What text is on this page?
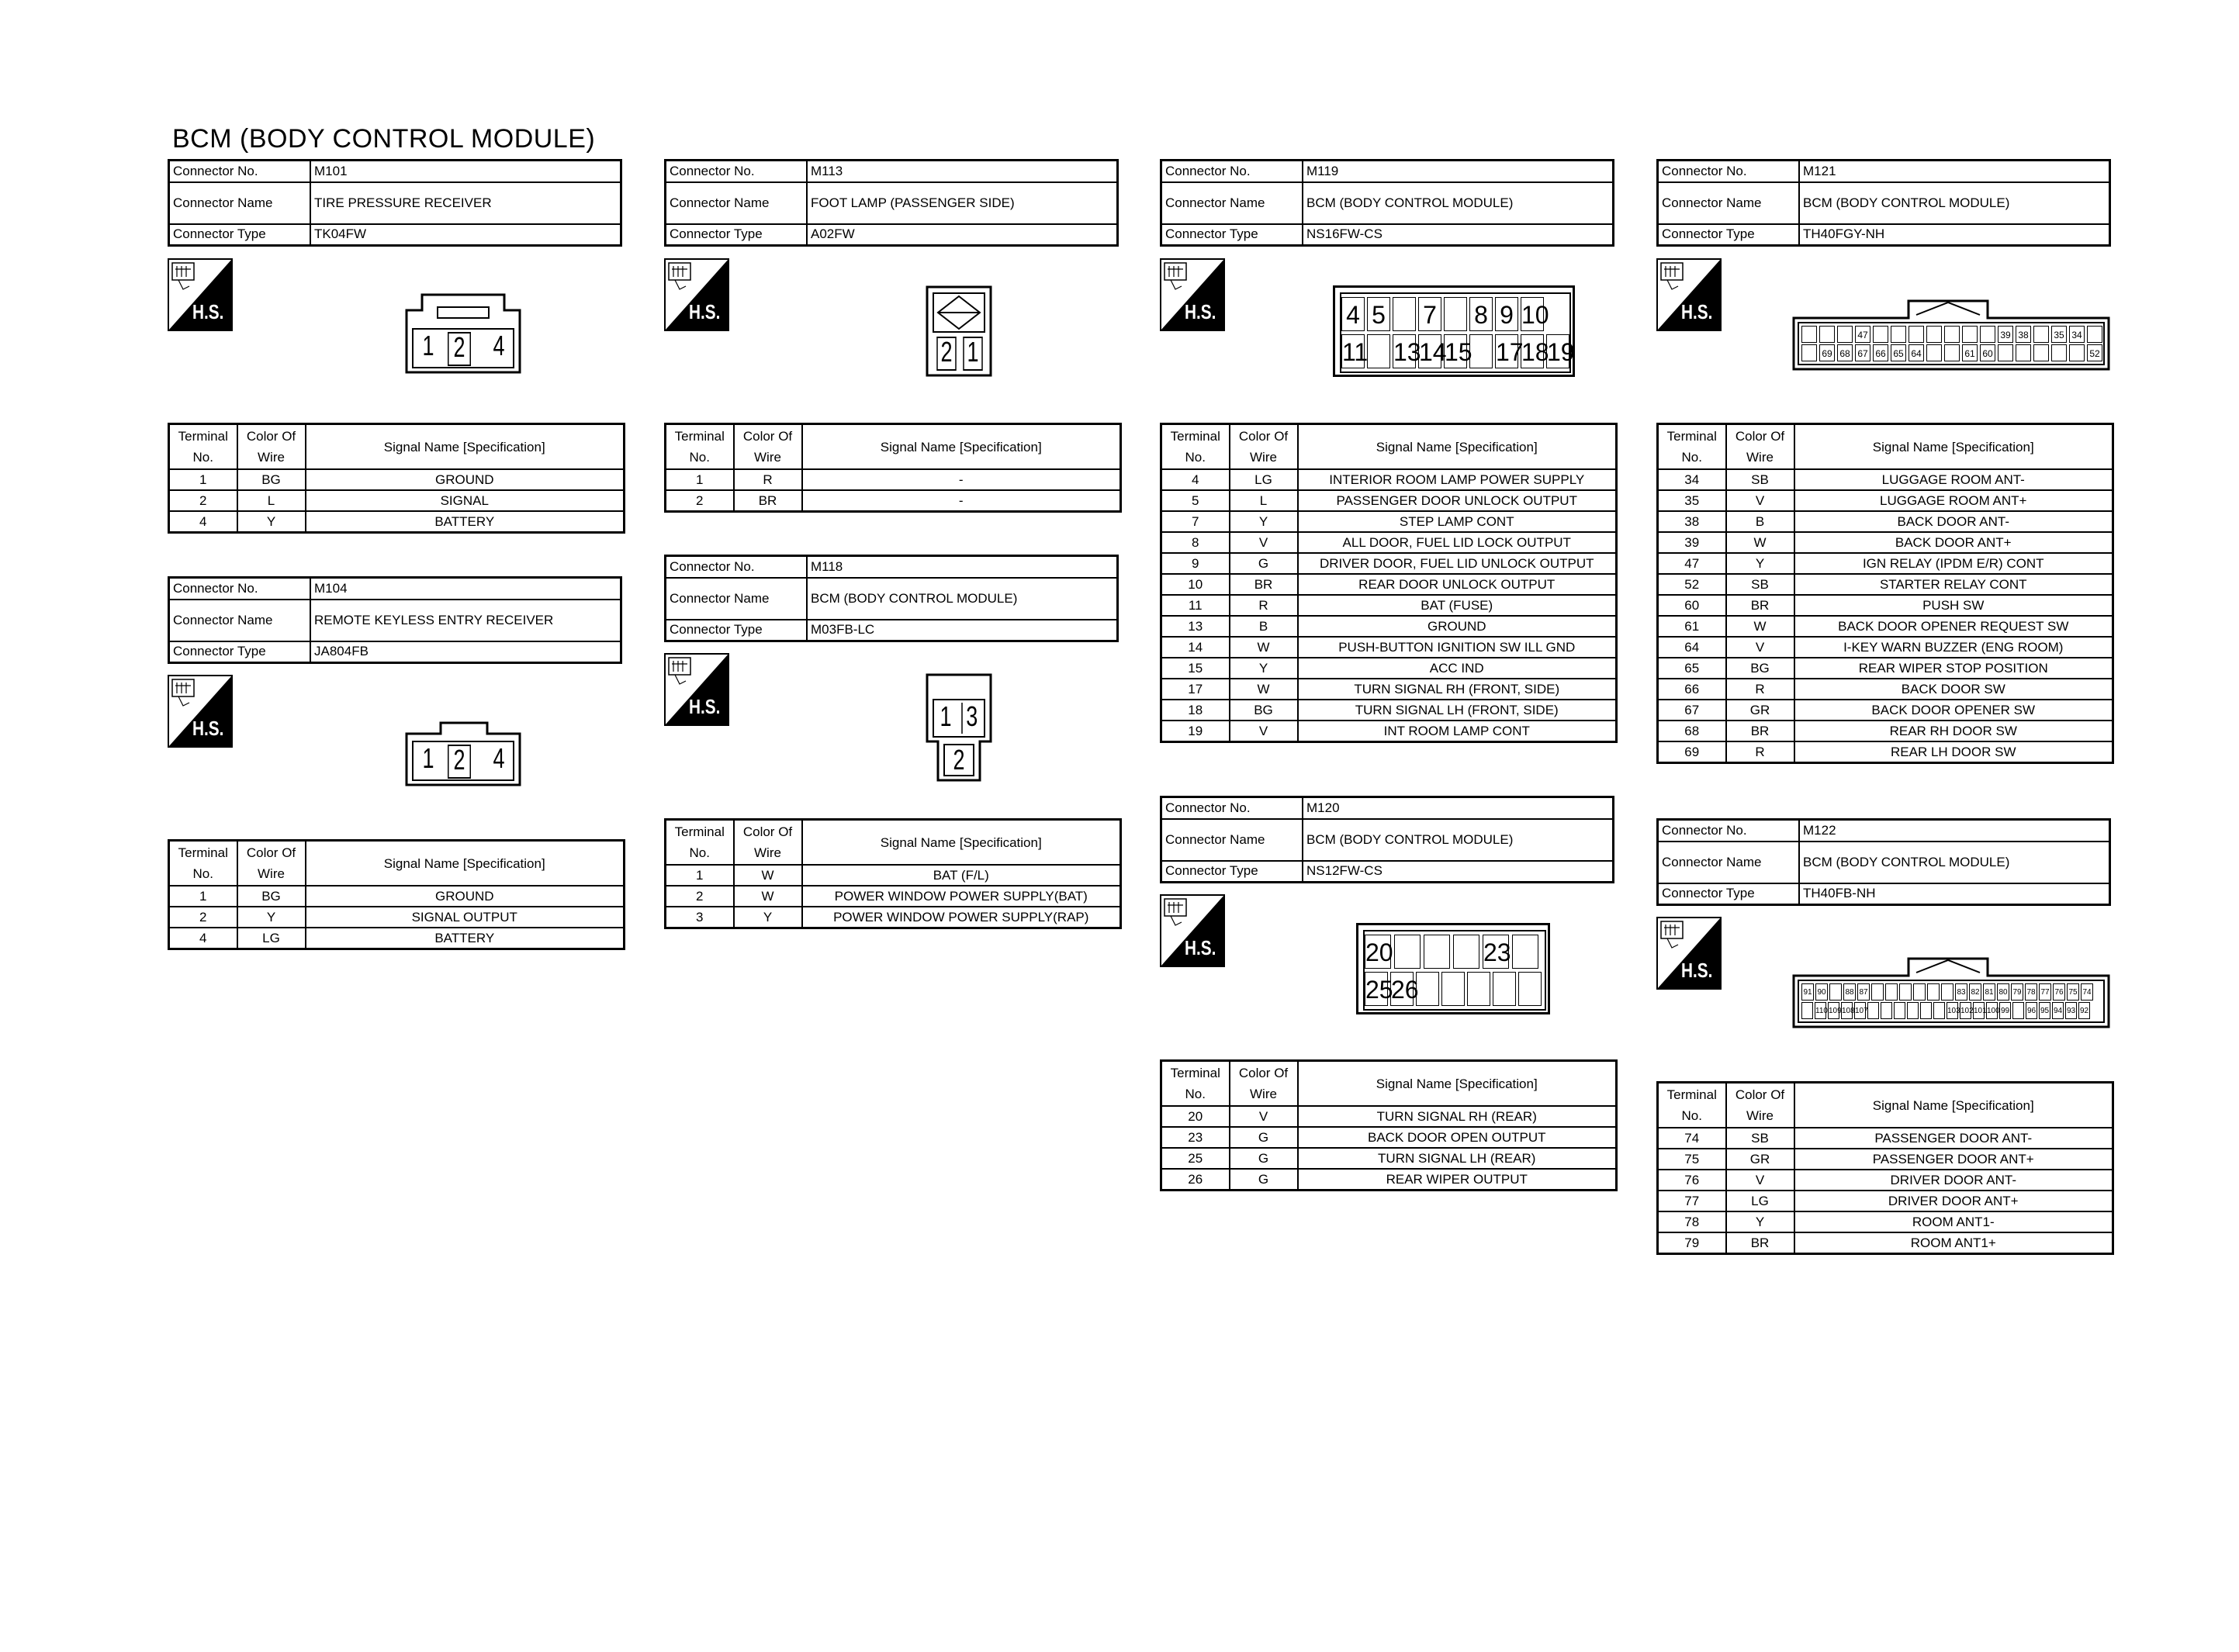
BCM (BODY CONTROL MODULE)
Connector No.	M101
Connector Name	TIRE PRESSURE RECEIVER
Connector Type	TK04FW
H.S.
1 2 4
Terminal No.	Color Of Wire	Signal Name [Specification]
1	BG	GROUND
2	L	SIGNAL
4	Y	BATTERY
Connector No.	M104
Connector Name	REMOTE KEYLESS ENTRY RECEIVER
Connector Type	JA804FB
H.S.
1 2 4
Terminal No.	Color Of Wire	Signal Name [Specification]
1	BG	GROUND
2	Y	SIGNAL OUTPUT
4	LG	BATTERY
Connector No.	M113
Connector Name	FOOT LAMP (PASSENGER SIDE)
Connector Type	A02FW
H.S.
2 1
Terminal No.	Color Of Wire	Signal Name [Specification]
1	R	-
2	BR	-
Connector No.	M118
Connector Name	BCM (BODY CONTROL MODULE)
Connector Type	M03FB-LC
H.S.	1 3
2
Terminal No.	Color Of Wire	Signal Name [Specification]
1	W	BAT (F/L)
2	W	POWER WINDOW POWER SUPPLY(BAT)
3	Y	POWER WINDOW POWER SUPPLY(RAP)
Connector No.	M119
Connector Name	BCM (BODY CONTROL MODULE)
Connector Type	NS16FW-CS
H.S.	4 5 7 8 9 10
11 13
14
15 17
18
19
Terminal No.	Color Of Wire	Signal Name [Specification]
4	LG	INTERIOR ROOM LAMP POWER SUPPLY
5	L	PASSENGER DOOR UNLOCK OUTPUT
7	Y	STEP LAMP CONT
8	V	ALL DOOR, FUEL LID LOCK OUTPUT
9	G	DRIVER DOOR, FUEL LID UNLOCK OUTPUT
10	BR	REAR DOOR UNLOCK OUTPUT
11	R	BAT (FUSE)
13	B	GROUND
14	W	PUSH-BUTTON IGNITION SW ILL GND
15	Y	ACC IND
17	W	TURN SIGNAL RH (FRONT, SIDE)
18	BG	TURN SIGNAL LH (FRONT, SIDE)
19	V	INT ROOM LAMP CONT
Connector No.	M120
Connector Name	BCM (BODY CONTROL MODULE)
Connector Type	NS12FW-CS
H.S.	20	23
25
26
Terminal No.	Color Of Wire	Signal Name [Specification]
20	V	TURN SIGNAL RH (REAR)
23	G	BACK DOOR OPEN OUTPUT
25	G	TURN SIGNAL LH (REAR)
26	G	REAR WIPER OUTPUT
Connector No.	M121
Connector Name	BCM (BODY CONTROL MODULE)
Connector Type	TH40FGY-NH
H.S.
47	39 38	35 34
69 68 67 66 65 64	61 60	52
Terminal No.	Color Of Wire	Signal Name [Specification]
34	SB	LUGGAGE ROOM ANT-
35	V	LUGGAGE ROOM ANT+
38	B	BACK DOOR ANT-
39	W	BACK DOOR ANT+
47	Y	IGN RELAY (IPDM E/R) CONT
52	SB	STARTER RELAY CONT
60	BR	PUSH SW
61	W	BACK DOOR OPENER REQUEST SW
64	V	I-KEY WARN BUZZER (ENG ROOM)
65	BG	REAR WIPER STOP POSITION
66	R	BACK DOOR SW
67	GR	BACK DOOR OPENER SW
68	BR	REAR RH DOOR SW
69	R	REAR LH DOOR SW
Connector No.	M122
Connector Name	BCM (BODY CONTROL MODULE)
Connector Type	TH40FB-NH
H.S.
91 90 88 87	83 82 81 80 79 78 77 76 75 74
110 109 108 107	103 102 101 100 99 96 95 94 93 92
Terminal No.	Color Of Wire	Signal Name [Specification]
74	SB	PASSENGER DOOR ANT-
75	GR	PASSENGER DOOR ANT+
76	V	DRIVER DOOR ANT-
77	LG	DRIVER DOOR ANT+
78	Y	ROOM ANT1-
79	BR	ROOM ANT1+
